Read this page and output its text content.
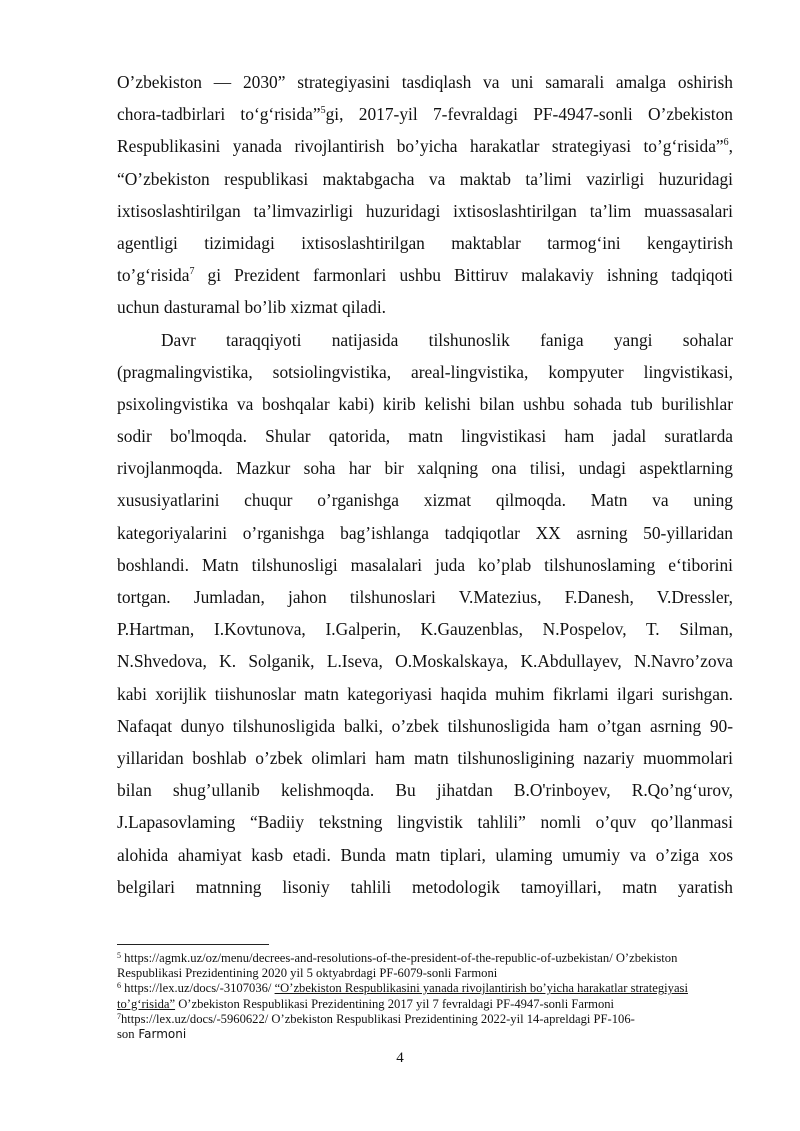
O’zbekiston — 2030” strategiyasini tasdiqlash va uni samarali amalga oshirish
chora-tadbirlari to‘g‘risida”$^5$gi, 2017-yil 7-fevraldagi PF-4947-sonli O’zbekiston
Respublikasini yanada rivojlantirish bo’yicha harakatlar strategiyasi to’g‘risida”$^6$,
“O’zbekiston respublikasi maktabgacha va maktab ta’limi vazirligi huzuridagi
ixtisoslashtirilgan ta’limvazirligi huzuridagi ixtisoslashtirilgan ta’lim muassasalari
agentligi tizimidagi ixtisoslashtirilgan maktablar tarmog‘ini kengaytirish
to’g‘risida$^7$ gi Prezident farmonlari ushbu Bittiruv malakaviy ishning tadqiqoti
uchun dasturamal bo’lib xizmat qiladi.
Davr taraqqiyoti natijasida tilshunoslik faniga yangi sohalar
(pragmalingvistika, sotsiolingvistika, areal-lingvistika, kompyuter lingvistikasi,
psixolingvistika va boshqalar kabi) kirib kelishi bilan ushbu sohada tub burilishlar
sodir bo'lmoqda. Shular qatorida, matn lingvistikasi ham jadal suratlarda
rivojlanmoqda. Mazkur soha har bir xalqning ona tilisi, undagi aspektlarning
xususiyatlarini chuqur o’rganishga xizmat qilmoqda. Matn va uning
kategoriyalarini o’rganishga bag’ishlanga tadqiqotlar XX asrning 50-yillaridan
boshlandi. Matn tilshunosligi masalalari juda ko’plab tilshunoslaming e‘tiborini
tortgan. Jumladan, jahon tilshunoslari V.Matezius, F.Danesh, V.Dressler,
P.Hartman, I.Kovtunova, I.Galperin, K.Gauzenblas, N.Pospelov, T. Silman,
N.Shvedova, K. Solganik, L.Iseva, O.Moskalskaya, K.Abdullayev, N.Navro’zova
kabi xorijlik tiishunoslar matn kategoriyasi haqida muhim fikrlami ilgari surishgan.
Nafaqat dunyo tilshunosligida balki, o’zbek tilshunosligida ham o’tgan asrning 90-
yillaridan boshlab o’zbek olimlari ham matn tilshunosligining nazariy muommolari
bilan shug’ullanib kelishmoqda. Bu jihatdan B.O'rinboyev, R.Qo’ng‘urov,
J.Lapasovlaming “Badiiy tekstning lingvistik tahlili” nomli o’quv qo’llanmasi
alohida ahamiyat kasb etadi. Bunda matn tiplari, ulaming umumiy va o’ziga xos
belgilari matnning lisoniy tahlili metodologik tamoyillari, matn yaratish
$^5$ https://agmk.uz/oz/menu/decrees-and-resolutions-of-the-president-of-the-republic-of-uzbekistan/ O’zbekiston
Respublikasi Prezidentining 2020 yil 5 oktyabrdagi PF-6079-sonli Farmoni
$^6$ https://lex.uz/docs/-3107036/ “O’zbekiston Respublikasini yanada rivojlantirish bo’yicha harakatlar strategiyasi
to’g‘risida” O’zbekiston Respublikasi Prezidentining 2017 yil 7 fevraldagi PF-4947-sonli Farmoni
$^7$https://lex.uz/docs/-5960622/ O’zbekiston Respublikasi Prezidentining 2022-yil 14-apreldagi PF-106-
son Farmoni
4
